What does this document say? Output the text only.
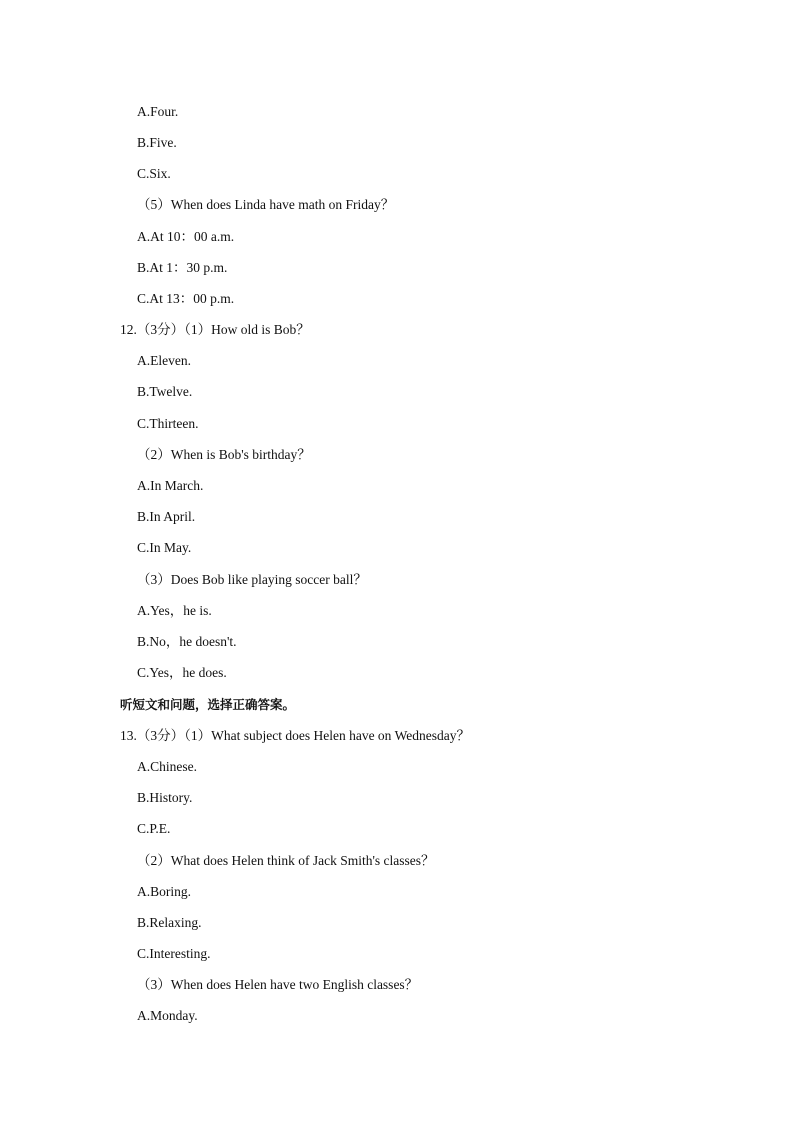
A.Four.
B.Five.
C.Six.
（5）When does Linda have math on Friday？
A.At 10：00 a.m.
B.At 1：30 p.m.
C.At 13：00 p.m.
12.（3分）（1）How old is Bob？
A.Eleven.
B.Twelve.
C.Thirteen.
（2）When is Bob's birthday？
A.In March.
B.In April.
C.In May.
（3）Does Bob like playing soccer ball？
A.Yes，he is.
B.No，he doesn't.
C.Yes，he does.
听短文和问题，选择正确答案。
13.（3分）（1）What subject does Helen have on Wednesday？
A.Chinese.
B.History.
C.P.E.
（2）What does Helen think of Jack Smith's classes？
A.Boring.
B.Relaxing.
C.Interesting.
（3）When does Helen have two English classes？
A.Monday.
